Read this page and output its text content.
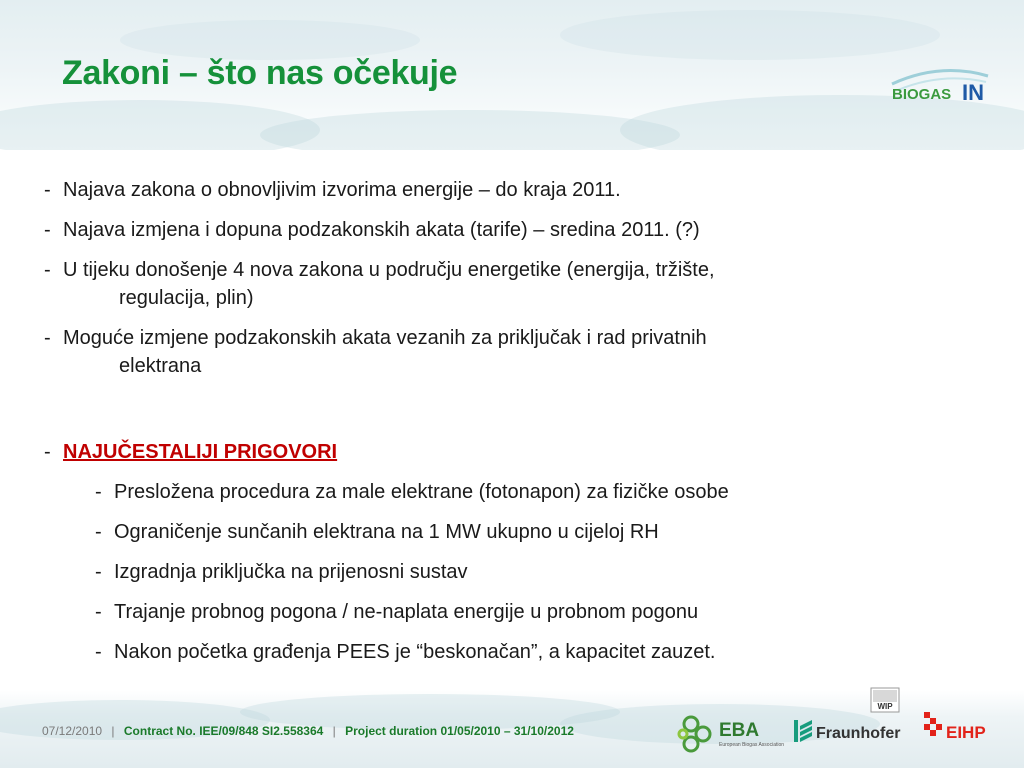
Zakoni – što nas očekuje
BIOGAS IN
- Najava zakona o obnovljivim izvorima energije – do kraja 2011.
- Najava izmjena i dopuna podzakonskih akata (tarife) – sredina 2011. (?)
- U tijeku donošenje 4 nova zakona u području energetike (energija, tržište,
regulacija, plin)
- Moguće izmjene podzakonskih akata vezanih za priključak i rad privatnih
elektrana
- NAJUČESTALIJI PRIGOVORI
- Presložena procedura za male elektrane (fotonapon) za fizičke osobe
- Ograničenje sunčanih elektrana na 1 MW ukupno u cijeloj RH
- Izgradnja priključka na prijenosni sustav
- Trajanje probnog pogona / ne-naplata energije u probnom pogonu
- Nakon početka građenja PEES je “beskonačan”, a kapacitet zauzet.
07/12/2010 | Contract No. IEE/09/848 SI2.558364 | Project duration 01/05/2010 – 31/10/2012	EBA
European Biogas Association
WIP
Fraunhofer	EIHP
